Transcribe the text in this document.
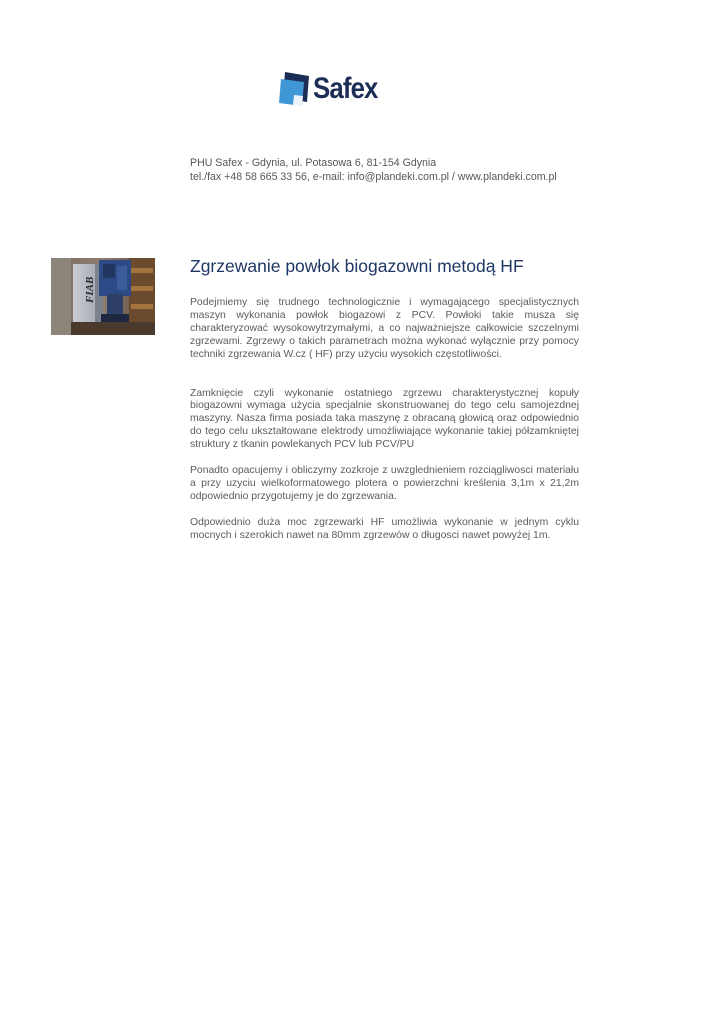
Safex
PHU Safex - Gdynia, ul. Potasowa 6, 81-154 Gdynia
tel./fax +48 58 665 33 56, e-mail: info@plandeki.com.pl / www.plandeki.com.pl
FIAB
Zgrzewanie powłok biogazowni metodą HF

Podejmiemy się trudnego technologicznie i wymagającego specjalistycznych maszyn wykonania powłok biogazowi z PCV. Powłoki takie musza się charakteryzować wysokowytrzymałymi, a co najważniejsze całkowicie szczelnymi zgrzewami. Zgrzewy o takich parametrach można wykonać wyłącznie przy pomocy techniki zgrzewania W.cz ( HF) przy użyciu wysokich częstotliwości.

Zamknięcie czyli wykonanie ostatniego zgrzewu charakterystycznej kopuły biogazowni wymaga użycia specjalnie skonstruowanej do tego celu samojezdnej maszyny. Nasza firma posiada taka maszynę z obracaną głowicą oraz odpowiednio do tego celu ukształtowane elektrody umożliwiające wykonanie takiej półzamkniętej struktury z tkanin powlekanych PCV lub PCV/PU

Ponadto opacujemy i obliczymy zozkroje z uwzglednieniem rozciągliwosci materiału a przy uzyciu wielkoformatowego plotera o powierzchni kreślenia 3,1m x 21,2m odpowiednio przygotujemy je do zgrzewania.

Odpowiednio duża moc zgrzewarki HF umożliwia wykonanie w jednym cyklu mocnych i szerokich nawet na 80mm zgrzewów o długosci nawet powyżej 1m.
